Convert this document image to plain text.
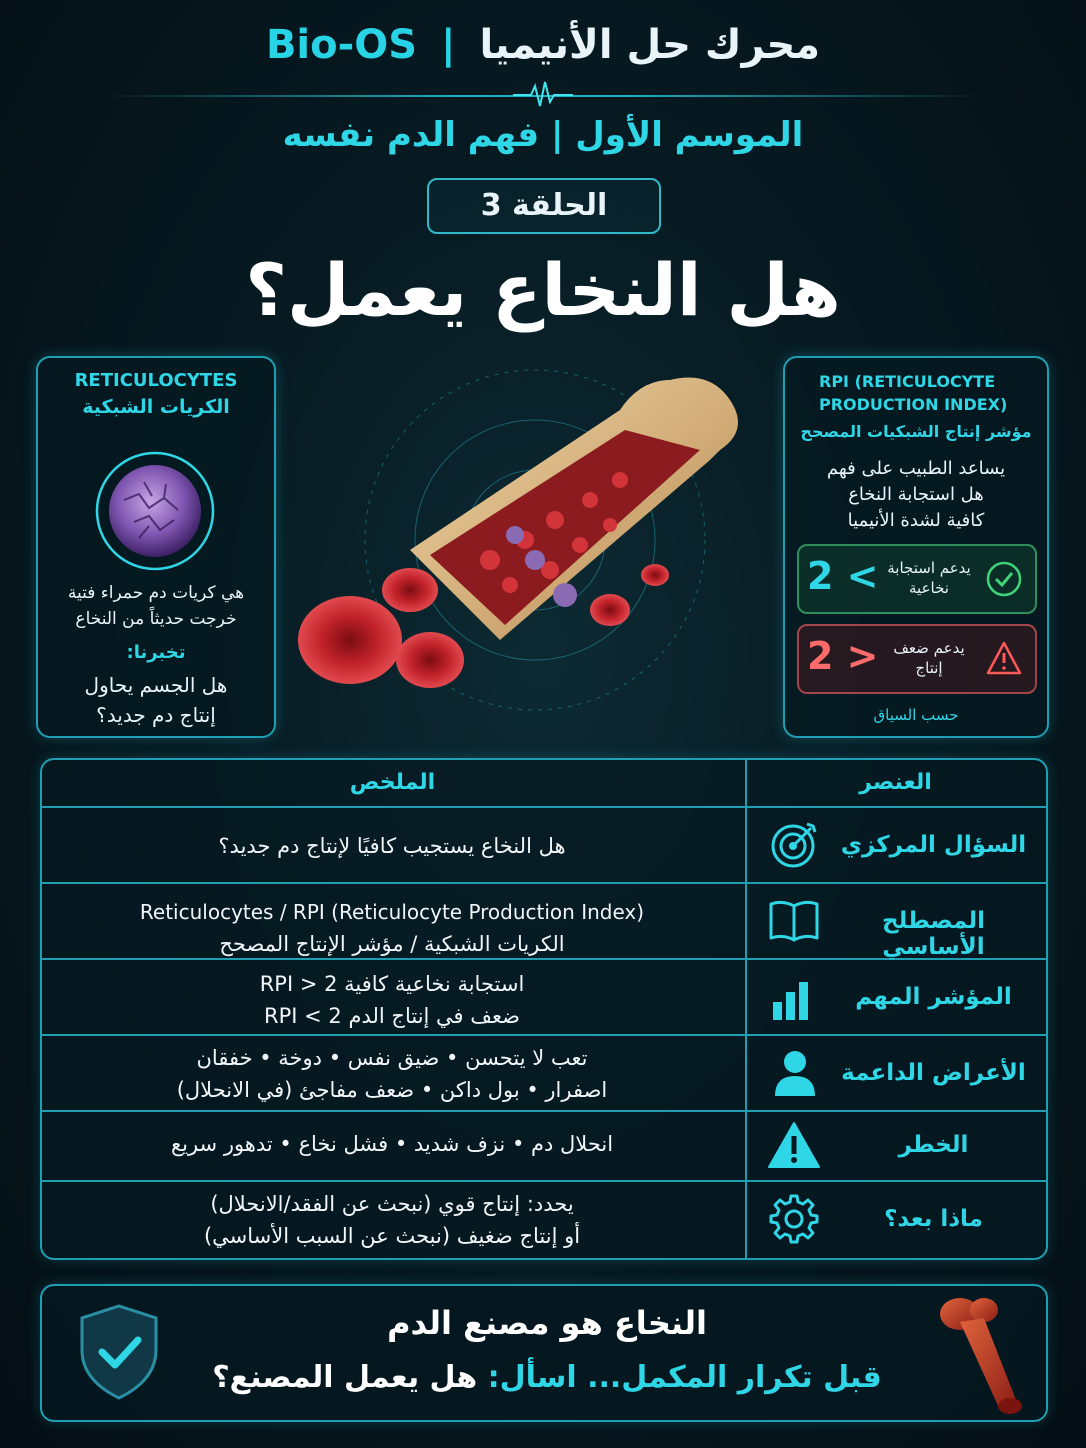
محرك حل الأنيميا | Bio-OS
الموسم الأول | فهم الدم نفسه
الحلقة 3
هل النخاع يعمل؟
RETICULOCYTES
الكريات الشبكية
هي كريات دم حمراء فتية
خرجت حديثاً من النخاع
تخبرنا:
هل الجسم يحاول
إنتاج دم جديد؟
RPI (RETICULOCYTE
PRODUCTION INDEX)
مؤشر إنتاج الشبكيات المصحح
يساعد الطبيب على فهم
هل استجابة النخاع
كافية لشدة الأنيميا
يدعم استجابة
نخاعية
2 <
يدعم ضعف
إنتاج
2 >
حسب السياق
العنصر
الملخص
السؤال المركزي
هل النخاع يستجيب كافيًا لإنتاج دم جديد؟
المصطلح الأساسي
Reticulocytes / RPI (Reticulocyte Production Index)
الكريات الشبكية / مؤشر الإنتاج المصحح
المؤشر المهم
استجابة نخاعية كافية RPI > 2
ضعف في إنتاج الدم RPI < 2
الأعراض الداعمة
تعب لا يتحسن • ضيق نفس • دوخة • خفقان
اصفرار • بول داكن • ضعف مفاجئ (في الانحلال)
الخطر
انحلال دم • نزف شديد • فشل نخاع • تدهور سريع
ماذا بعد؟
يحدد: إنتاج قوي (نبحث عن الفقد/الانحلال)
أو إنتاج ضغيف (نبحث عن السبب الأساسي)
النخاع هو مصنع الدم
قبل تكرار المكمل... اسأل: هل يعمل المصنع؟
